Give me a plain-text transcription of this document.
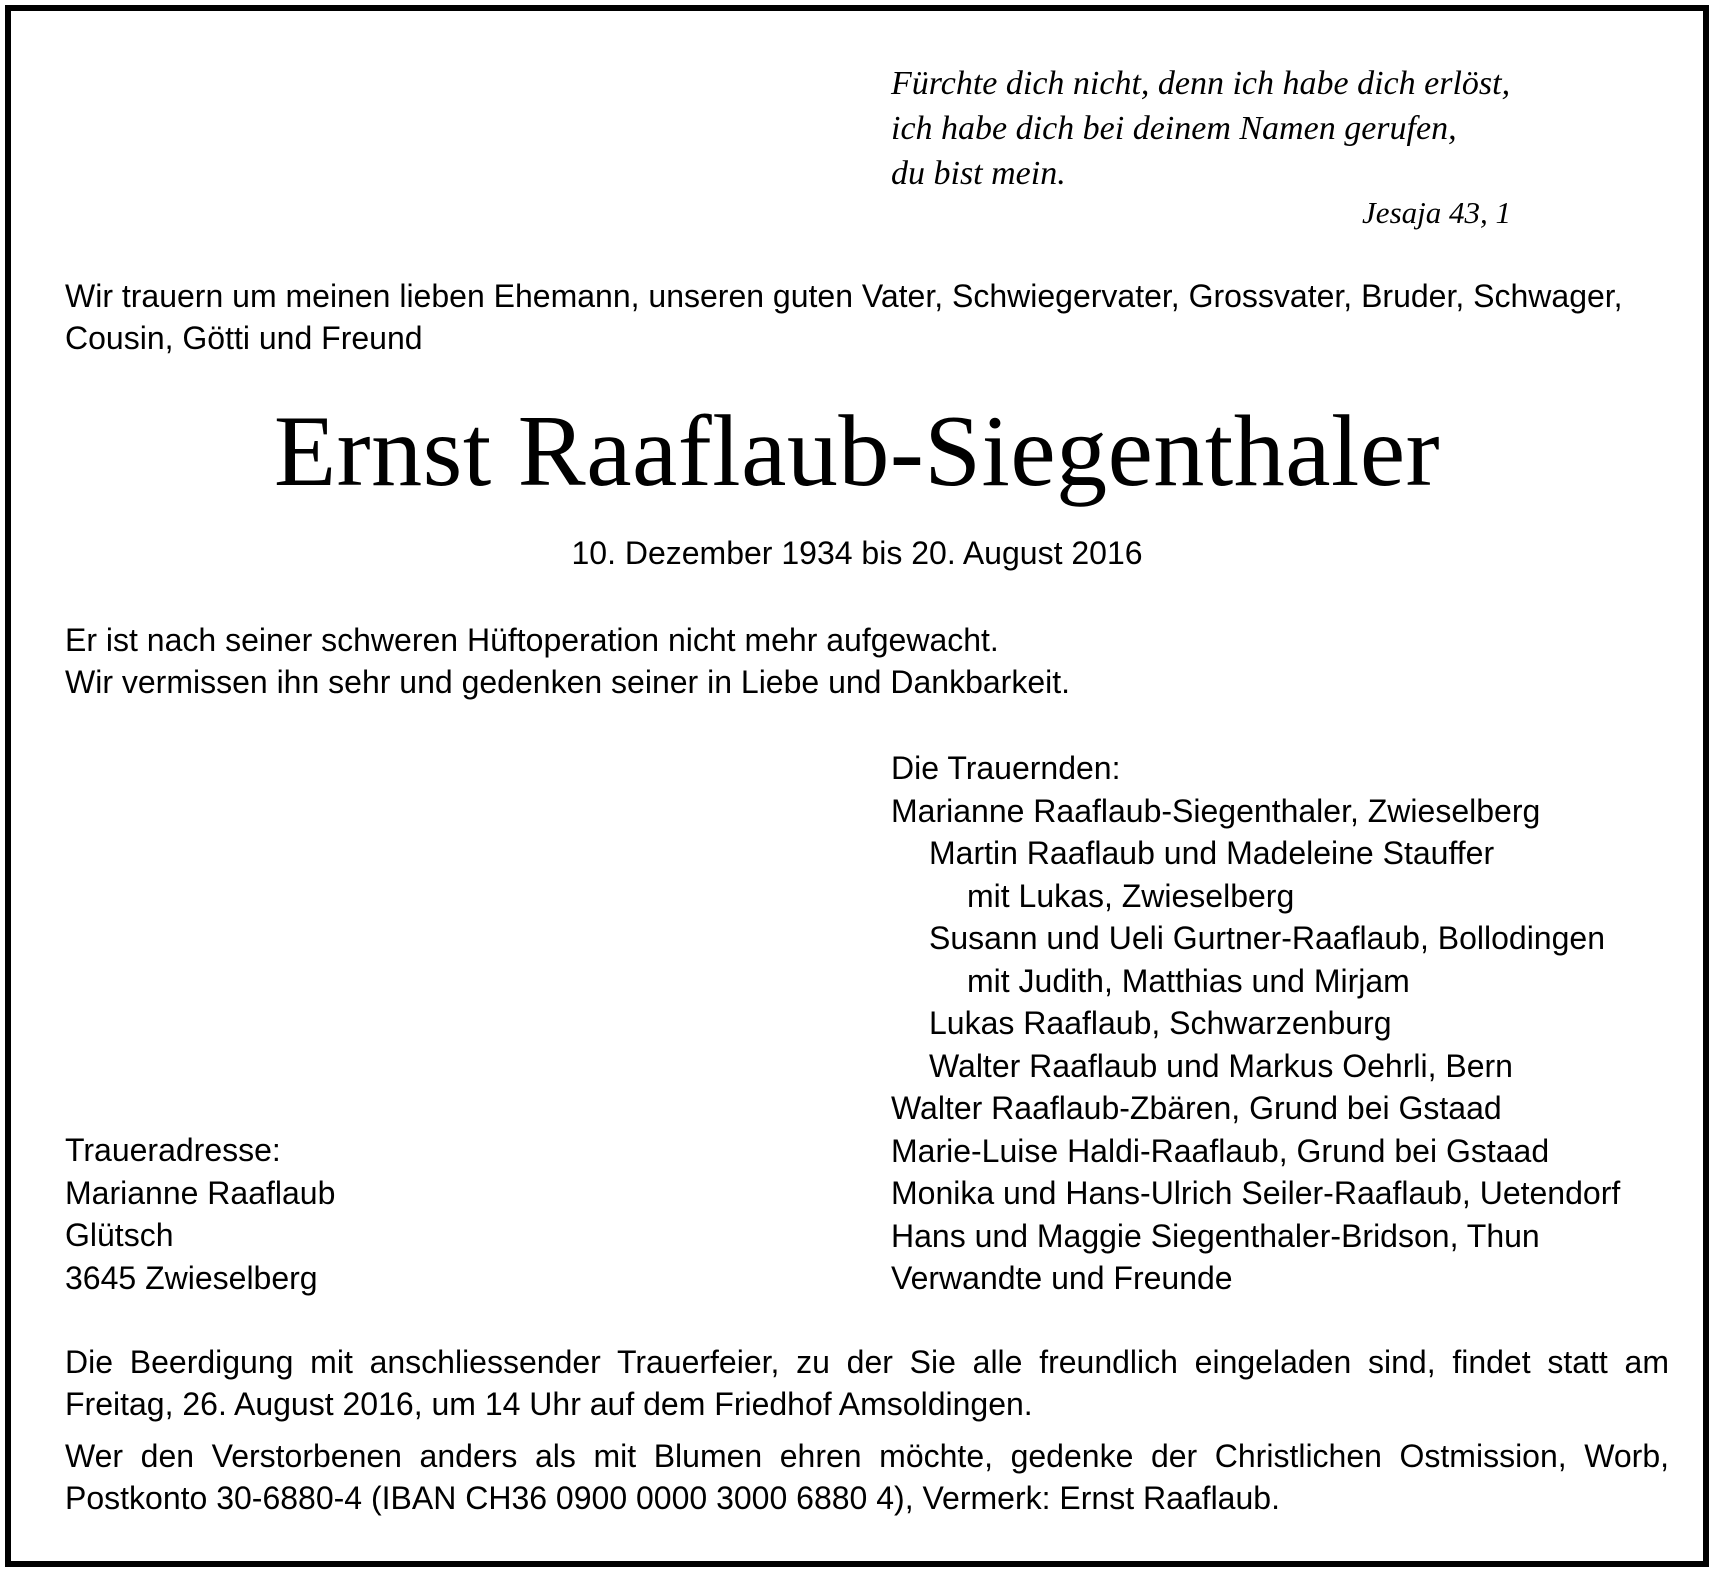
Fürchte dich nicht, denn ich habe dich erlöst,
ich habe dich bei deinem Namen gerufen,
du bist mein.
Jesaja 43, 1
Wir trauern um meinen lieben Ehemann, unseren guten Vater, Schwiegervater, Grossvater, Bruder, Schwager,
Cousin, Götti und Freund
Ernst Raaflaub-Siegenthaler
10. Dezember 1934 bis 20. August 2016
Er ist nach seiner schweren Hüftoperation nicht mehr aufgewacht.
Wir vermissen ihn sehr und gedenken seiner in Liebe und Dankbarkeit.
Die Trauernden:
Marianne Raaflaub-Siegenthaler, Zwieselberg
Martin Raaflaub und Madeleine Stauffer
mit Lukas, Zwieselberg
Susann und Ueli Gurtner-Raaflaub, Bollodingen
mit Judith, Matthias und Mirjam
Lukas Raaflaub, Schwarzenburg
Walter Raaflaub und Markus Oehrli, Bern
Walter Raaflaub-Zbären, Grund bei Gstaad
Marie-Luise Haldi-Raaflaub, Grund bei Gstaad
Monika und Hans-Ulrich Seiler-Raaflaub, Uetendorf
Hans und Maggie Siegenthaler-Bridson, Thun
Verwandte und Freunde
Traueradresse:
Marianne Raaflaub
Glütsch
3645 Zwieselberg
Die Beerdigung mit anschliessender Trauerfeier, zu der Sie alle freundlich eingeladen sind, findet statt am Freitag, 26. August 2016, um 14 Uhr auf dem Friedhof Amsoldingen.
Wer den Verstorbenen anders als mit Blumen ehren möchte, gedenke der Christlichen Ostmission, Worb, Postkonto 30-6880-4 (IBAN CH36 0900 0000 3000 6880 4), Vermerk: Ernst Raaflaub.
